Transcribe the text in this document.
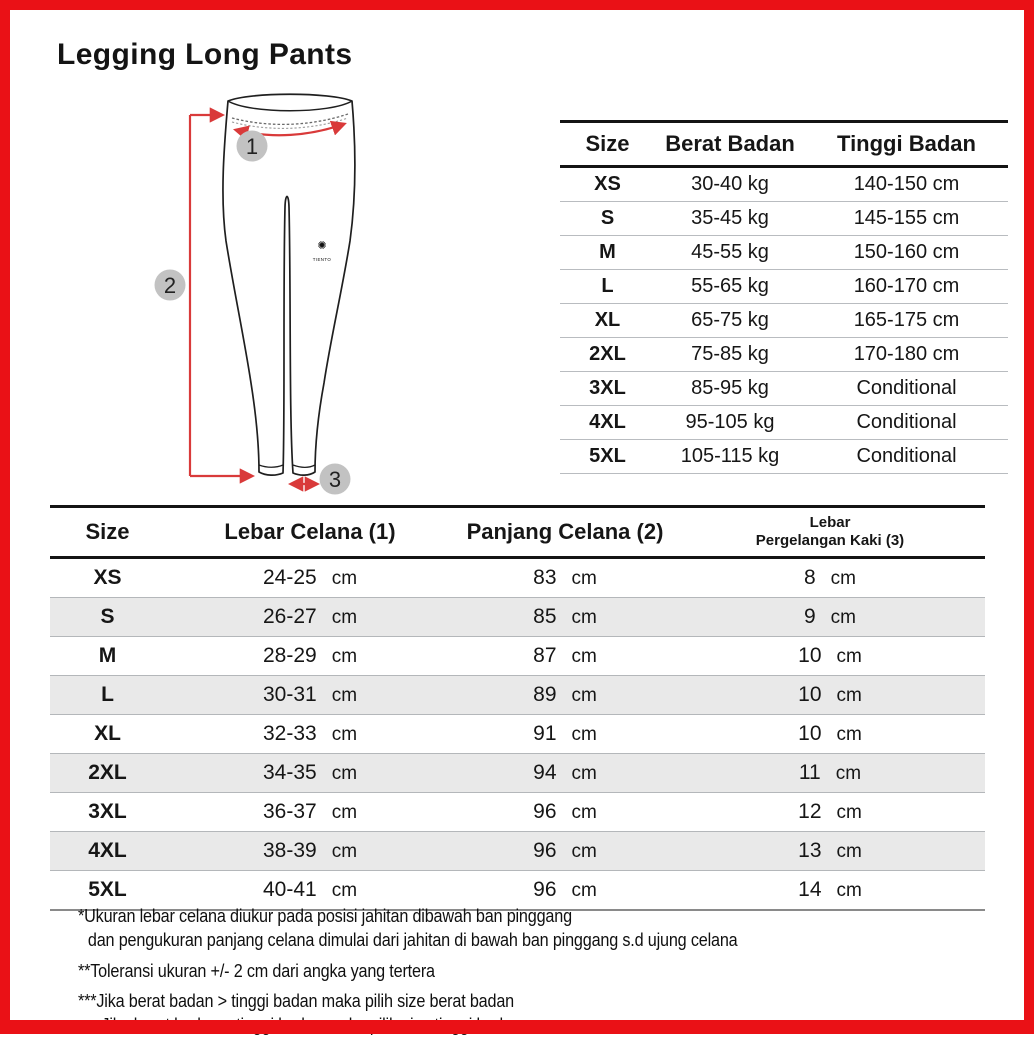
Legging Long Pants
✺
TIENTO
1
2
3
Size	Berat Badan	Tinggi Badan
XS	30-40 kg	140-150 cm
S	35-45 kg	145-155 cm
M	45-55 kg	150-160 cm
L	55-65 kg	160-170 cm
XL	65-75 kg	165-175 cm
2XL	75-85 kg	170-180 cm
3XL	85-95 kg	Conditional
4XL	95-105 kg	Conditional
5XL	105-115 kg	Conditional
Size	Lebar Celana (1)	Panjang Celana (2)	Lebar
Pergelangan Kaki (3)
XS	24-25 cm	83 cm	8 cm
S	26-27 cm	85 cm	9 cm
M	28-29 cm	87 cm	10 cm
L	30-31 cm	89 cm	10 cm
XL	32-33 cm	91 cm	10 cm
2XL	34-35 cm	94 cm	11 cm
3XL	36-37 cm	96 cm	12 cm
4XL	38-39 cm	96 cm	13 cm
5XL	40-41 cm	96 cm	14 cm
*Ukuran lebar celana diukur pada posisi jahitan dibawah ban pinggang
dan pengukuran panjang celana dimulai dari jahitan di bawah ban pinggang s.d ujung celana
**Toleransi ukuran +/- 2 cm dari angka yang tertera
***Jika berat badan > tinggi badan maka pilih size berat badan
Jika berat badan < tinggi badan maka pilih size tinggi badan
